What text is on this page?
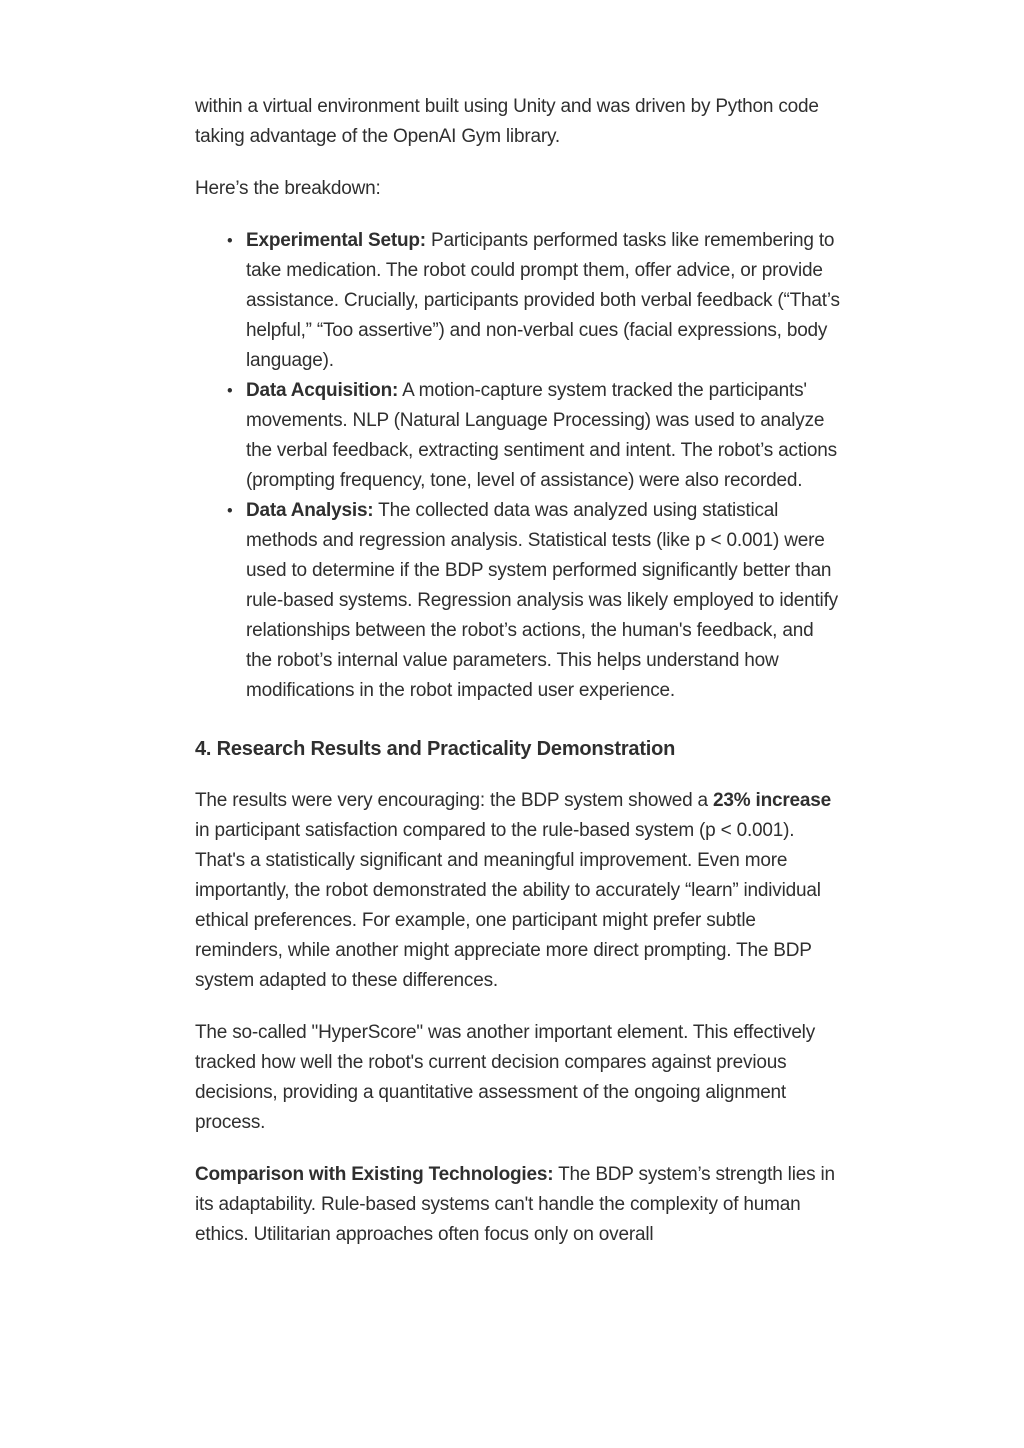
within a virtual environment built using Unity and was driven by Python code taking advantage of the OpenAI Gym library.

Here’s the breakdown:

• Experimental Setup: Participants performed tasks like remembering to take medication. The robot could prompt them, offer advice, or provide assistance. Crucially, participants provided both verbal feedback (“That’s helpful,” “Too assertive”) and non-verbal cues (facial expressions, body language).
• Data Acquisition: A motion-capture system tracked the participants' movements. NLP (Natural Language Processing) was used to analyze the verbal feedback, extracting sentiment and intent. The robot’s actions (prompting frequency, tone, level of assistance) were also recorded.
• Data Analysis: The collected data was analyzed using statistical methods and regression analysis. Statistical tests (like p < 0.001) were used to determine if the BDP system performed significantly better than rule-based systems. Regression analysis was likely employed to identify relationships between the robot’s actions, the human's feedback, and the robot’s internal value parameters. This helps understand how modifications in the robot impacted user experience.
4. Research Results and Practicality Demonstration

The results were very encouraging: the BDP system showed a 23% increase in participant satisfaction compared to the rule-based system (p < 0.001). That's a statistically significant and meaningful improvement. Even more importantly, the robot demonstrated the ability to accurately “learn” individual ethical preferences. For example, one participant might prefer subtle reminders, while another might appreciate more direct prompting. The BDP system adapted to these differences.

The so-called "HyperScore" was another important element. This effectively tracked how well the robot's current decision compares against previous decisions, providing a quantitative assessment of the ongoing alignment process.

Comparison with Existing Technologies: The BDP system’s strength lies in its adaptability. Rule-based systems can't handle the complexity of human ethics. Utilitarian approaches often focus only on overall
